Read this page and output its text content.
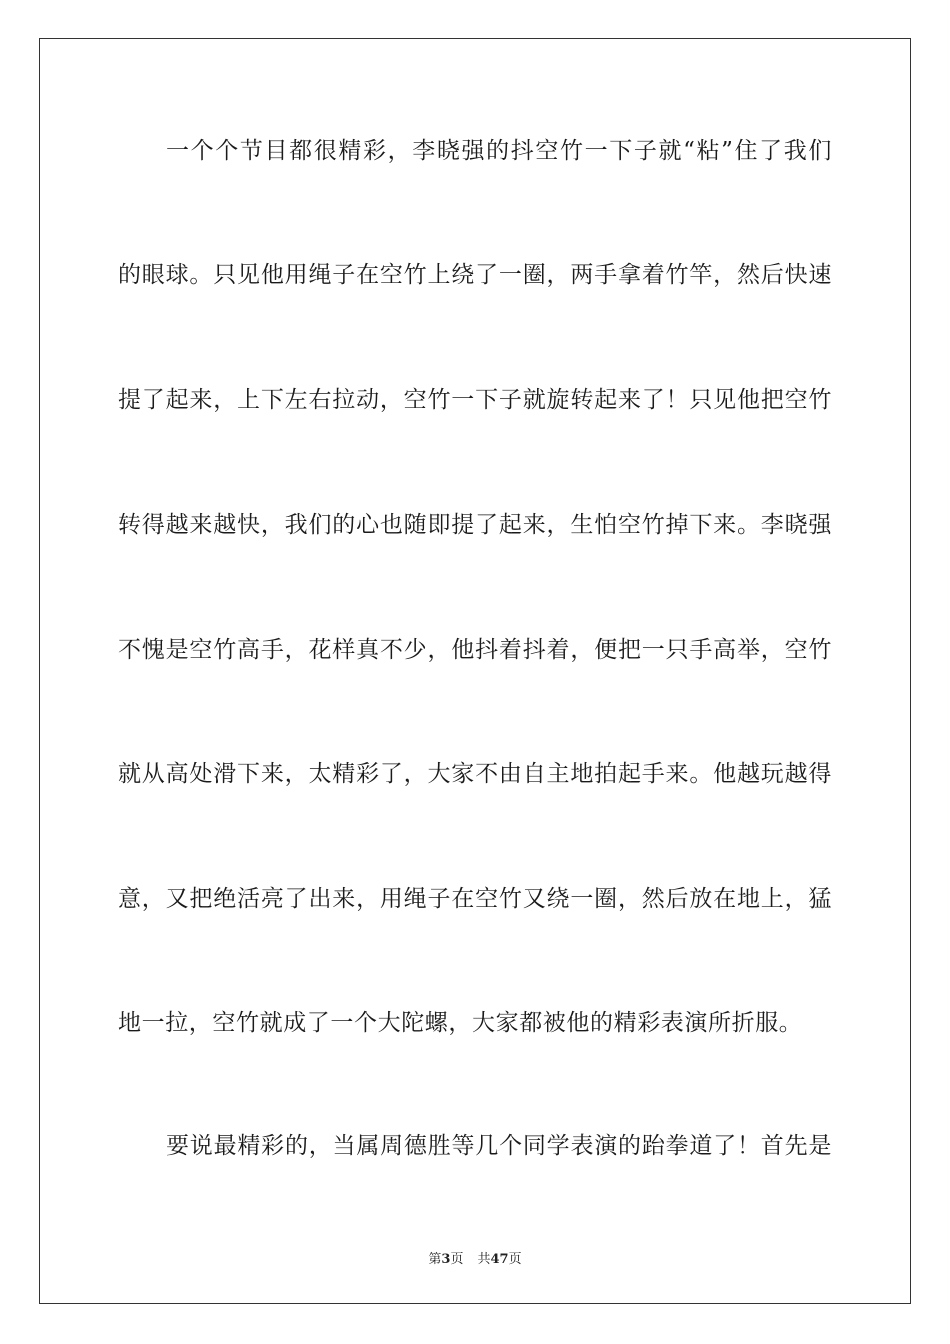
一个个节目都很精彩，李晓强的抖空竹一下子就“粘”住了我们
的眼球。只见他用绳子在空竹上绕了一圈，两手拿着竹竿，然后快速
提了起来，上下左右拉动，空竹一下子就旋转起来了！只见他把空竹
转得越来越快，我们的心也随即提了起来，生怕空竹掉下来。李晓强
不愧是空竹高手，花样真不少，他抖着抖着，便把一只手高举，空竹
就从高处滑下来，太精彩了，大家不由自主地拍起手来。他越玩越得
意，又把绝活亮了出来，用绳子在空竹又绕一圈，然后放在地上，猛
地一拉，空竹就成了一个大陀螺，大家都被他的精彩表演所折服。
要说最精彩的，当属周德胜等几个同学表演的跆拳道了！首先是
第3页 共47页
